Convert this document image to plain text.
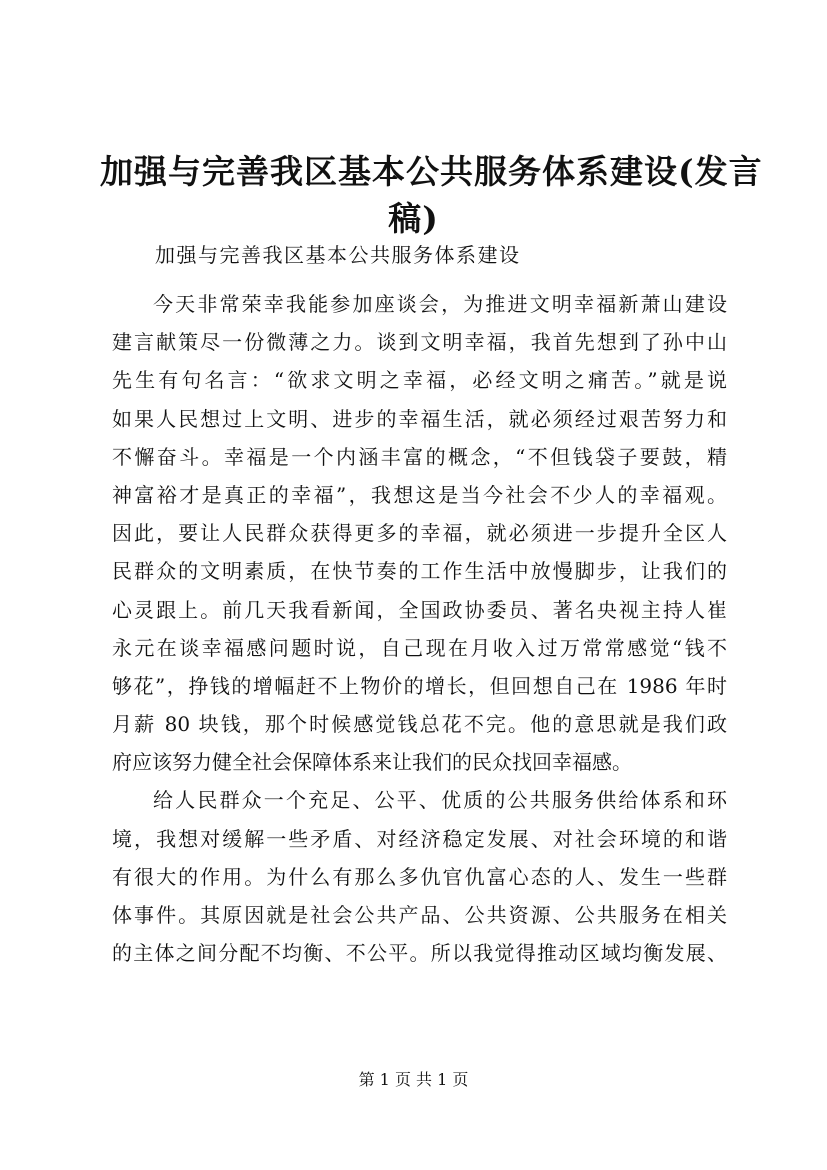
加强与完善我区基本公共服务体系建设(发言
稿)
加强与完善我区基本公共服务体系建设
今天非常荣幸我能参加座谈会，为推进文明幸福新萧山建设
建言献策尽一份微薄之力。谈到文明幸福，我首先想到了孙中山
先生有句名言：“欲求文明之幸福，必经文明之痛苦。”就是说
如果人民想过上文明、进步的幸福生活，就必须经过艰苦努力和
不懈奋斗。幸福是一个内涵丰富的概念，“不但钱袋子要鼓，精
神富裕才是真正的幸福”，我想这是当今社会不少人的幸福观。
因此，要让人民群众获得更多的幸福，就必须进一步提升全区人
民群众的文明素质，在快节奏的工作生活中放慢脚步，让我们的
心灵跟上。前几天我看新闻，全国政协委员、著名央视主持人崔
永元在谈幸福感问题时说，自己现在月收入过万常常感觉“钱不
够花”，挣钱的增幅赶不上物价的增长，但回想自己在 1986 年时
月薪 80 块钱，那个时候感觉钱总花不完。他的意思就是我们政
府应该努力健全社会保障体系来让我们的民众找回幸福感。
给人民群众一个充足、公平、优质的公共服务供给体系和环
境，我想对缓解一些矛盾、对经济稳定发展、对社会环境的和谐
有很大的作用。为什么有那么多仇官仇富心态的人、发生一些群
体事件。其原因就是社会公共产品、公共资源、公共服务在相关
的主体之间分配不均衡、不公平。所以我觉得推动区域均衡发展、
第 1 页 共 1 页
